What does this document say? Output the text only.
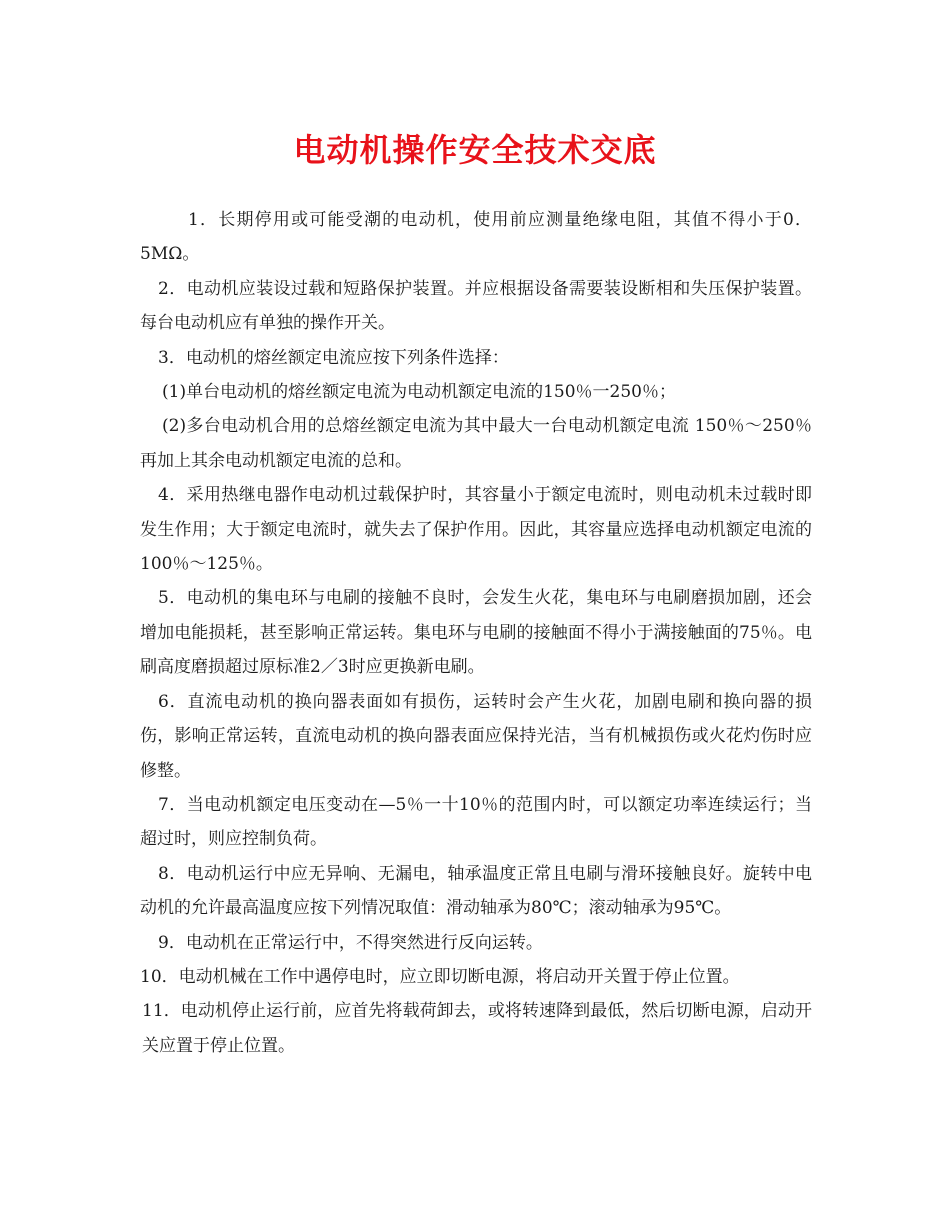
电动机操作安全技术交底

1．长期停用或可能受潮的电动机，使用前应测量绝缘电阻，其值不得小于0．5MΩ。

2．电动机应装设过载和短路保护装置。并应根据设备需要装设断相和失压保护装置。每台电动机应有单独的操作开关。

3．电动机的熔丝额定电流应按下列条件选择：

(1)单台电动机的熔丝额定电流为电动机额定电流的150％一250％；

(2)多台电动机合用的总熔丝额定电流为其中最大一台电动机额定电流 150％～250％再加上其余电动机额定电流的总和。

4．采用热继电器作电动机过载保护时，其容量小于额定电流时，则电动机未过载时即发生作用；大于额定电流时，就失去了保护作用。因此，其容量应选择电动机额定电流的100％～125％。

5．电动机的集电环与电刷的接触不良时，会发生火花，集电环与电刷磨损加剧，还会增加电能损耗，甚至影响正常运转。集电环与电刷的接触面不得小于满接触面的75％。电刷高度磨损超过原标准2／3时应更换新电刷。

6．直流电动机的换向器表面如有损伤，运转时会产生火花，加剧电刷和换向器的损伤，影响正常运转，直流电动机的换向器表面应保持光洁，当有机械损伤或火花灼伤时应修整。

7．当电动机额定电压变动在—5％一十10％的范围内时，可以额定功率连续运行；当超过时，则应控制负荷。

8．电动机运行中应无异响、无漏电，轴承温度正常且电刷与滑环接触良好。旋转中电动机的允许最高温度应按下列情况取值：滑动轴承为80℃；滚动轴承为95℃。

9．电动机在正常运行中，不得突然进行反向运转。

10．电动机械在工作中遇停电时，应立即切断电源，将启动开关置于停止位置。

11．电动机停止运行前，应首先将载荷卸去，或将转速降到最低，然后切断电源，启动开关应置于停止位置。
